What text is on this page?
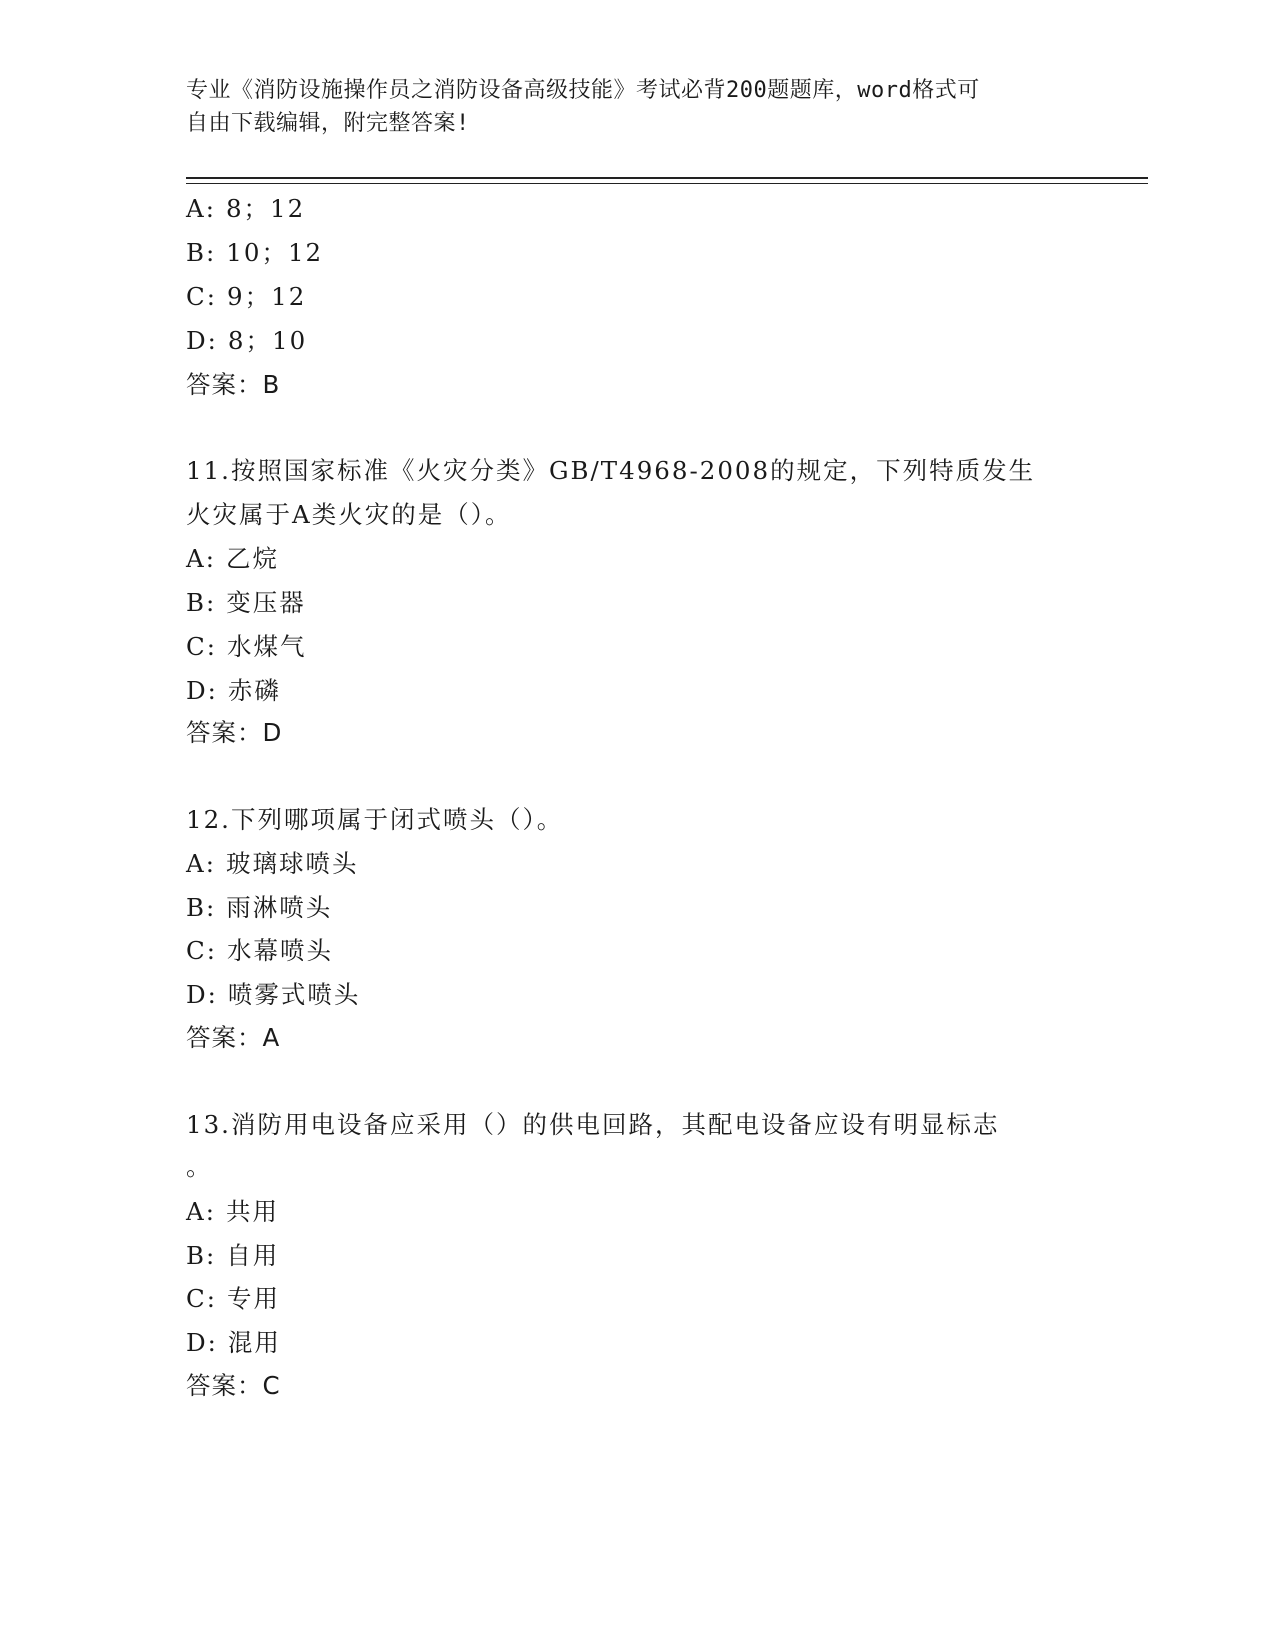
专业《消防设施操作员之消防设备高级技能》考试必背200题题库，word格式可
自由下载编辑，附完整答案!
A: 8；12
B: 10；12
C: 9；12
D: 8；10
答案：B
11.按照国家标准《火灾分类》GB/T4968-2008的规定，下列特质发生
火灾属于A类火灾的是（）。
A: 乙烷
B: 变压器
C: 水煤气
D: 赤磷
答案：D
12.下列哪项属于闭式喷头（）。
A: 玻璃球喷头
B: 雨淋喷头
C: 水幕喷头
D: 喷雾式喷头
答案：A
13.消防用电设备应采用（）的供电回路，其配电设备应设有明显标志
。
A: 共用
B: 自用
C: 专用
D: 混用
答案：C
